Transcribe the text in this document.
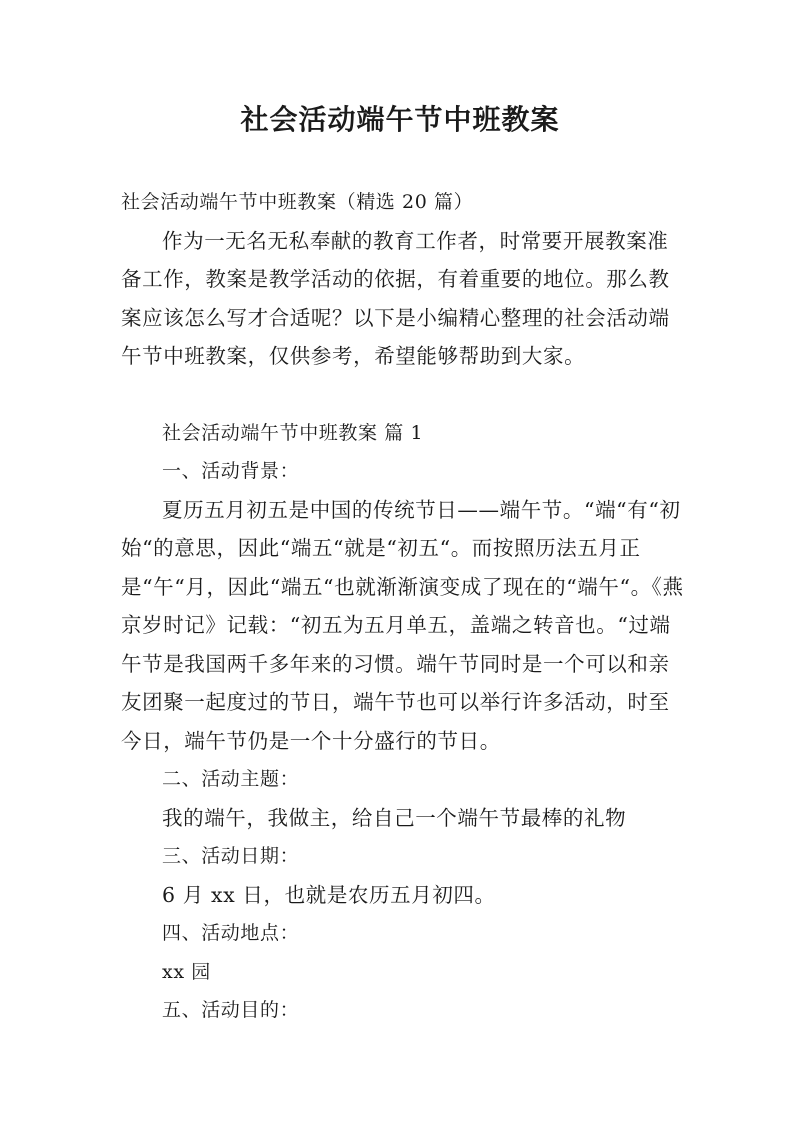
社会活动端午节中班教案

社会活动端午节中班教案（精选 20 篇）

作为一无名无私奉献的教育工作者，时常要开展教案准备工作，教案是教学活动的依据，有着重要的地位。那么教案应该怎么写才合适呢？以下是小编精心整理的社会活动端午节中班教案，仅供参考，希望能够帮助到大家。

社会活动端午节中班教案 篇 1

一、活动背景：

夏历五月初五是中国的传统节日——端午节。“端“有“初始“的意思，因此“端五“就是“初五“。而按照历法五月正是“午“月，因此“端五“也就渐渐演变成了现在的“端午“。《燕京岁时记》记载：“初五为五月单五，盖端之转音也。“过端午节是我国两千多年来的习惯。端午节同时是一个可以和亲友团聚一起度过的节日，端午节也可以举行许多活动，时至今日，端午节仍是一个十分盛行的节日。

二、活动主题：

我的端午，我做主，给自己一个端午节最棒的礼物

三、活动日期：

6 月 xx 日，也就是农历五月初四。

四、活动地点：

xx 园

五、活动目的：
